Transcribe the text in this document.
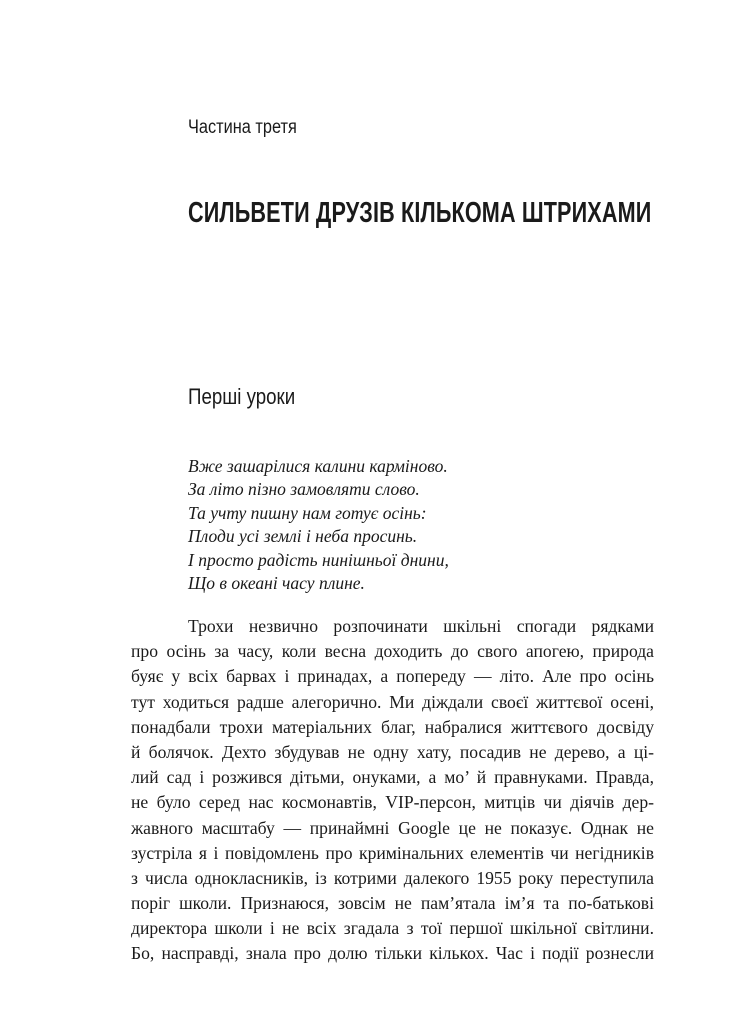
Частина третя
СИЛЬВЕТИ ДРУЗІВ КІЛЬКОМА ШТРИХАМИ
Перші уроки
Вже зашарілися калини карміново.
За літо пізно замовляти слово.
Та учту пишну нам готує осінь:
Плоди усі землі і неба просинь.
І просто радість нинішньої днини,
Що в океані часу плине.
Трохи незвично розпочинати шкільні спогади рядками
про осінь за часу, коли весна доходить до свого апогею, природа
буяє у всіх барвах і принадах, а попереду — літо. Але про осінь
тут ходиться радше алегорично. Ми діждали своєї життєвої осені,
понадбали трохи матеріальних благ, набралися життєвого досвіду
й болячок. Дехто збудував не одну хату, посадив не дерево, а ці-
лий сад і розжився дітьми, онуками, а мо’ й правнуками. Правда,
не було серед нас космонавтів, VIP-персон, митців чи діячів дер-
жавного масштабу — принаймні Google це не показує. Однак не
зустріла я і повідомлень про кримінальних елементів чи негідників
з числа однокласників, із котрими далекого 1955 року переступила
поріг школи. Признаюся, зовсім не пам’ятала імʼя та по-батькові
директора школи і не всіх згадала з тої першої шкільної світлини.
Бо, насправді, знала про долю тільки кількох. Час і події рознесли
